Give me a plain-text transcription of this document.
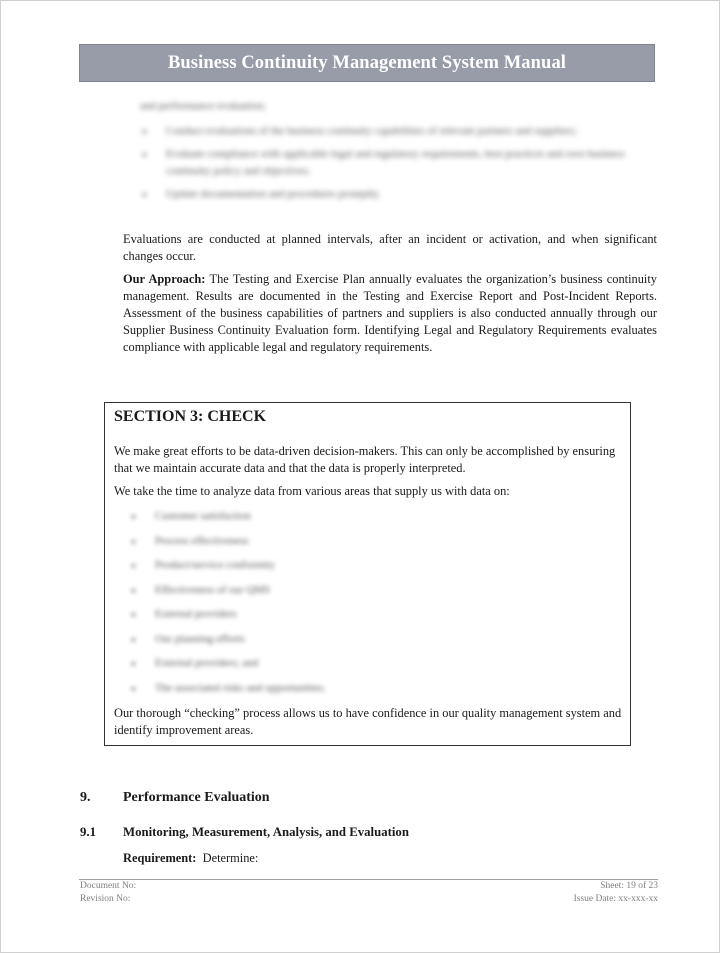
Business Continuity Management System Manual
and performance evaluation;
● Conduct evaluations of the business continuity capabilities of relevant partners and suppliers;
● Evaluate compliance with applicable legal and regulatory requirements, best practices and own business continuity policy and objectives;
● Update documentation and procedures promptly.
Evaluations are conducted at planned intervals, after an incident or activation, and when significant changes occur.
Our Approach: The Testing and Exercise Plan annually evaluates the organization’s business continuity management. Results are documented in the Testing and Exercise Report and Post-Incident Reports. Assessment of the business capabilities of partners and suppliers is also conducted annually through our Supplier Business Continuity Evaluation form. Identifying Legal and Regulatory Requirements evaluates compliance with applicable legal and regulatory requirements.
SECTION 3: CHECK
We make great efforts to be data-driven decision-makers. This can only be accomplished by ensuring that we maintain accurate data and that the data is properly interpreted.
We take the time to analyze data from various areas that supply us with data on:
● Customer satisfaction
● Process effectiveness
● Product/service conformity
● Effectiveness of our QMS
● External providers
● Our planning efforts
● External providers; and
● The associated risks and opportunities.
Our thorough “checking” process allows us to have confidence in our quality management system and identify improvement areas.
9. Performance Evaluation
9.1 Monitoring, Measurement, Analysis, and Evaluation
Requirement:  Determine:
Document No:
Revision No:
Sheet: 19 of 23
Issue Date: xx-xxx-xx
